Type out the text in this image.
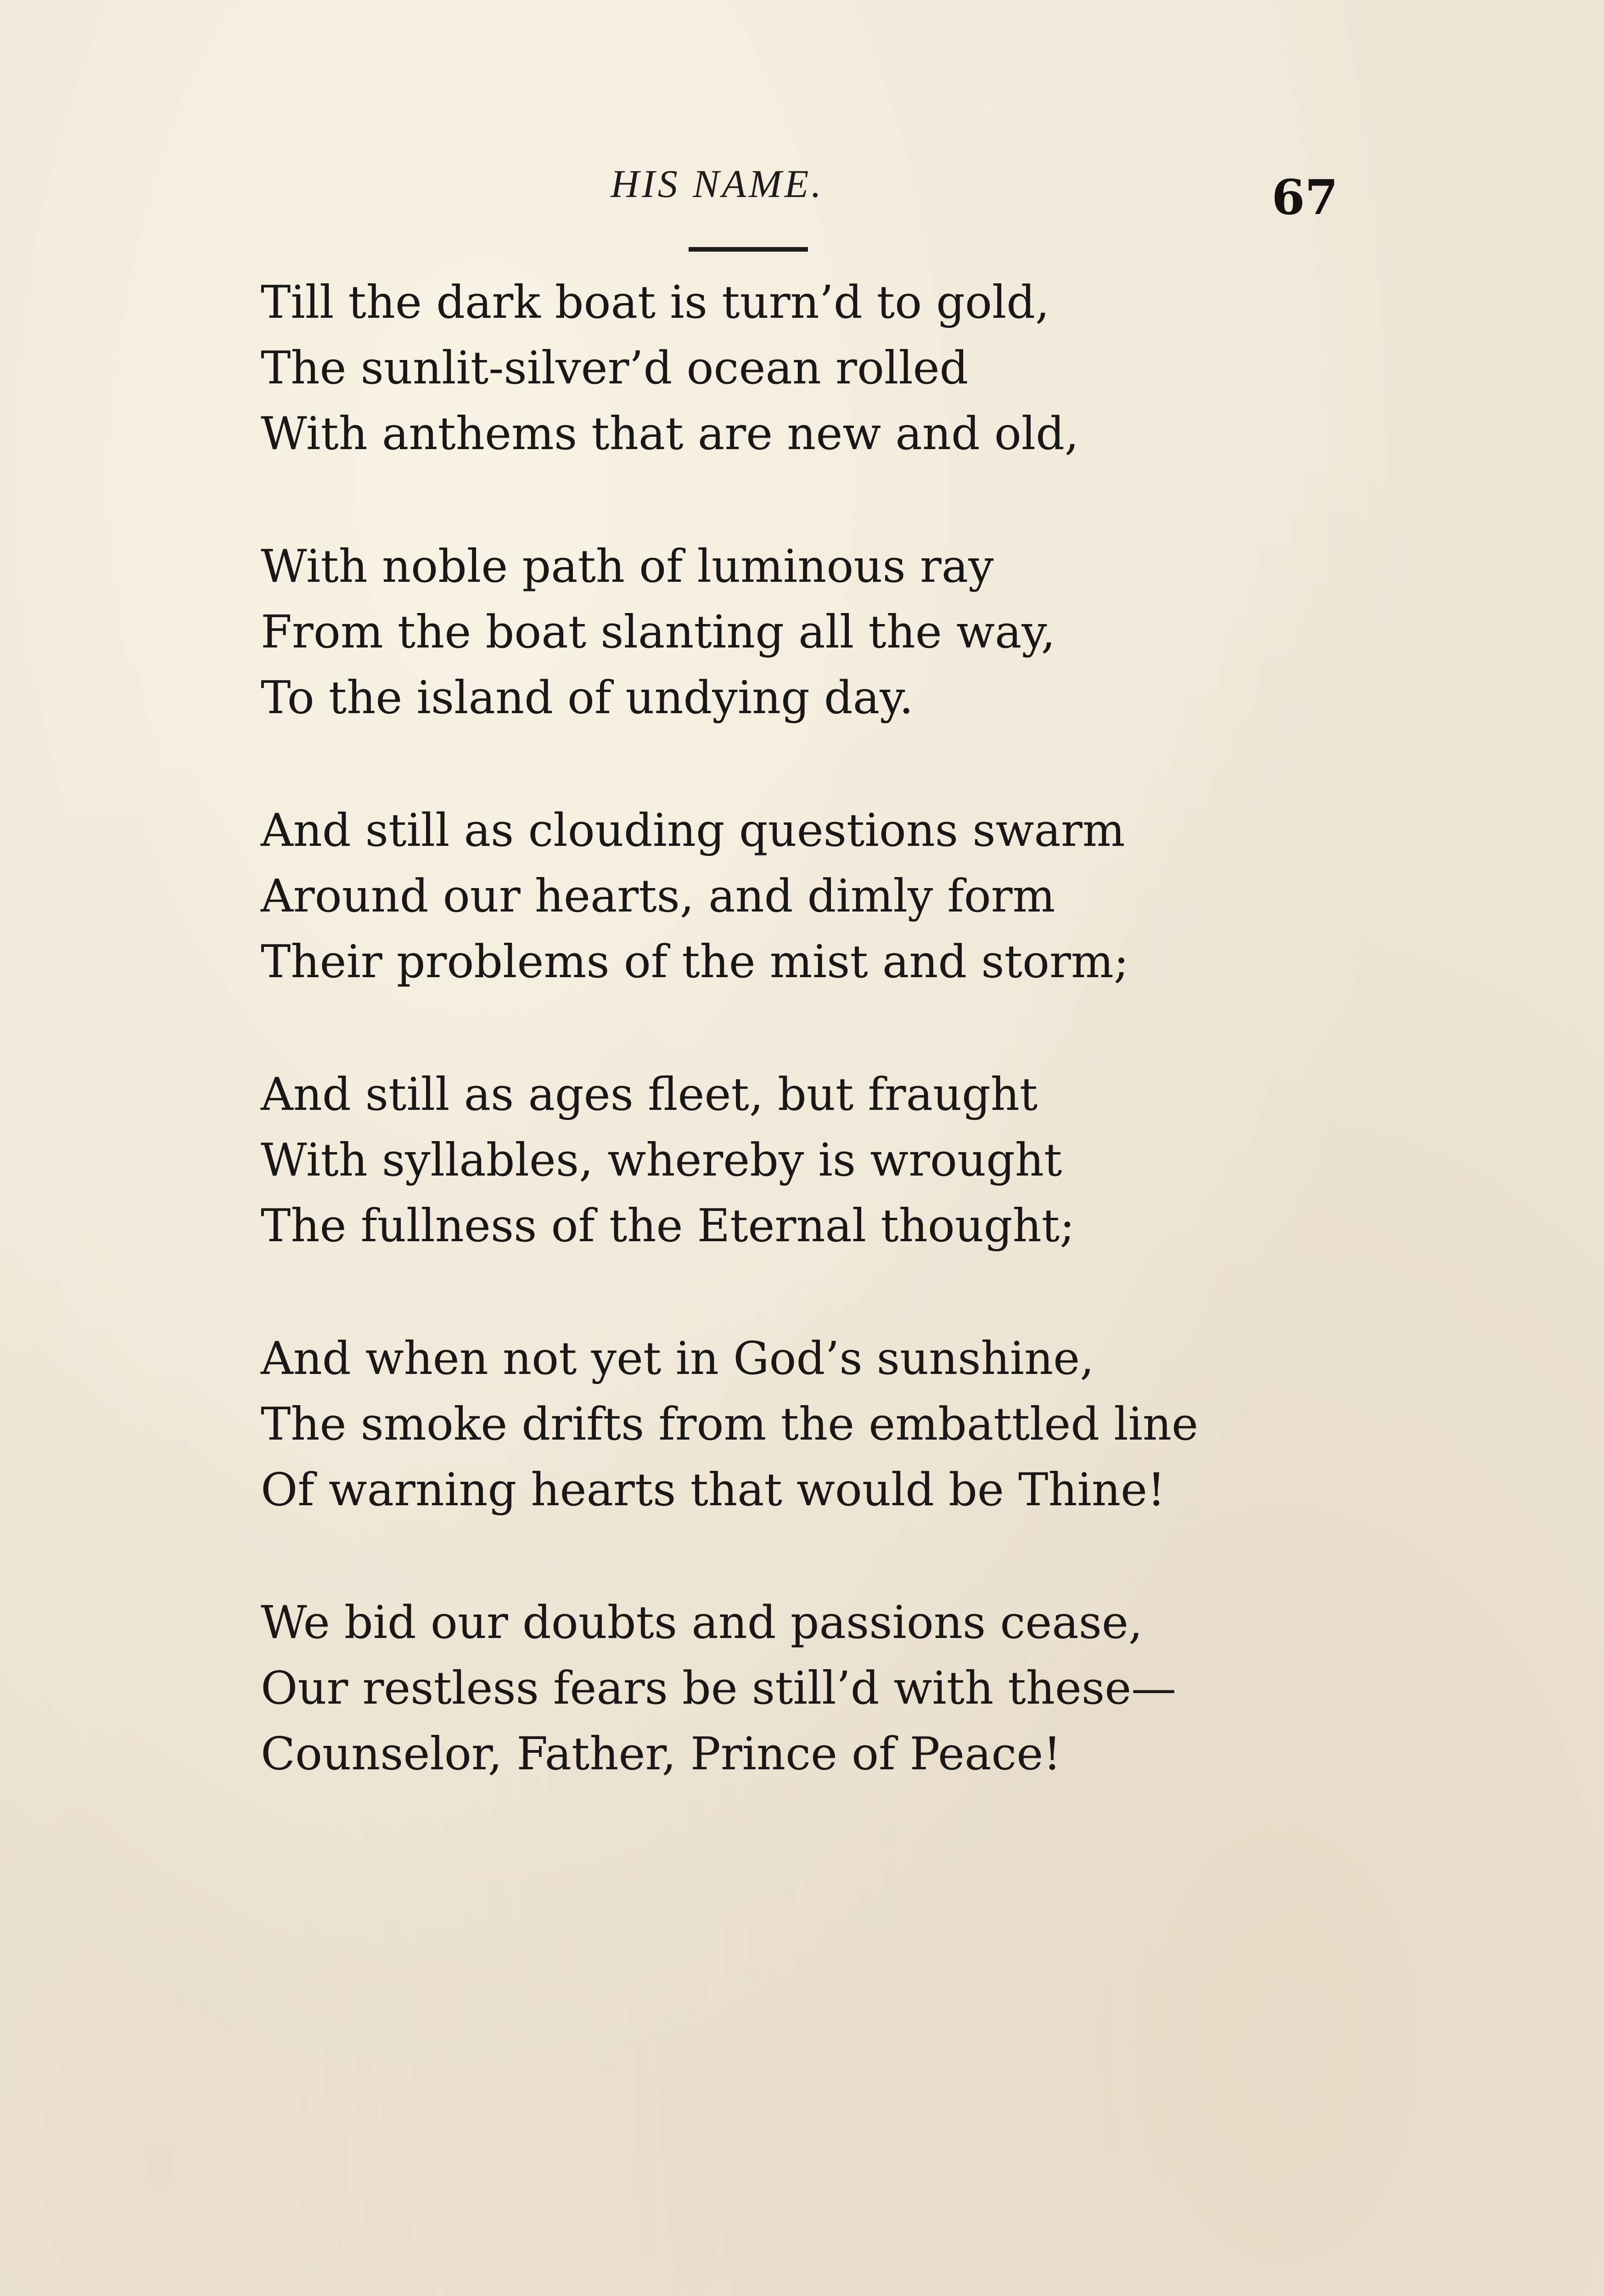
HIS NAME.	67
Till the dark boat is turn’d to gold,
The sunlit-silver’d ocean rolled
With anthems that are new and old,
With noble path of luminous ray
From the boat slanting all the way,
To the island of undying day.
And still as clouding questions swarm
Around our hearts, and dimly form
Their problems of the mist and storm;
And still as ages fleet, but fraught
With syllables, whereby is wrought
The fullness of the Eternal thought;
And when not yet in God’s sunshine,
The smoke drifts from the embattled line
Of warning hearts that would be Thine!
We bid our doubts and passions cease,
Our restless fears be still’d with these—
Counselor, Father, Prince of Peace!
